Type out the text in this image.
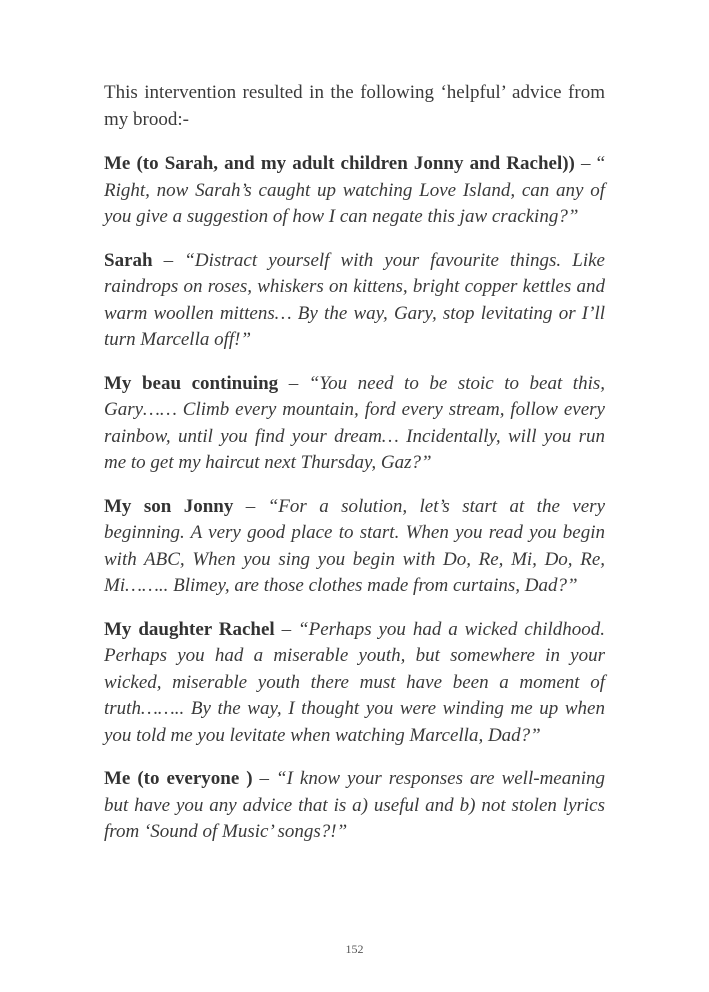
This intervention resulted in the following ‘helpful’ advice from my brood:-

Me (to Sarah, and my adult children Jonny and Rachel)) – “ Right, now Sarah’s caught up watching Love Island, can any of you give a suggestion of how I can negate this jaw cracking?”

Sarah – “Distract yourself with your favourite things. Like raindrops on roses, whiskers on kittens, bright copper kettles and warm woollen mittens… By the way, Gary, stop levitating or I’ll turn Marcella off!”

My beau continuing – “You need to be stoic to beat this, Gary…… Climb every mountain, ford every stream, follow every rainbow, until you find your dream… Incidentally, will you run me to get my haircut next Thursday, Gaz?”

My son Jonny – “For a solution, let’s start at the very beginning. A very good place to start. When you read you begin with ABC, When you sing you begin with Do, Re, Mi, Do, Re, Mi…….. Blimey, are those clothes made from curtains, Dad?”

My daughter Rachel – “Perhaps you had a wicked childhood. Perhaps you had a miserable youth, but somewhere in your wicked, miserable youth there must have been a moment of truth…….. By the way, I thought you were winding me up when you told me you levitate when watching Marcella, Dad?”

Me (to everyone ) – “I know your responses are well-meaning but have you any advice that is a) useful and b) not stolen lyrics from ‘Sound of Music’ songs?!”

152
